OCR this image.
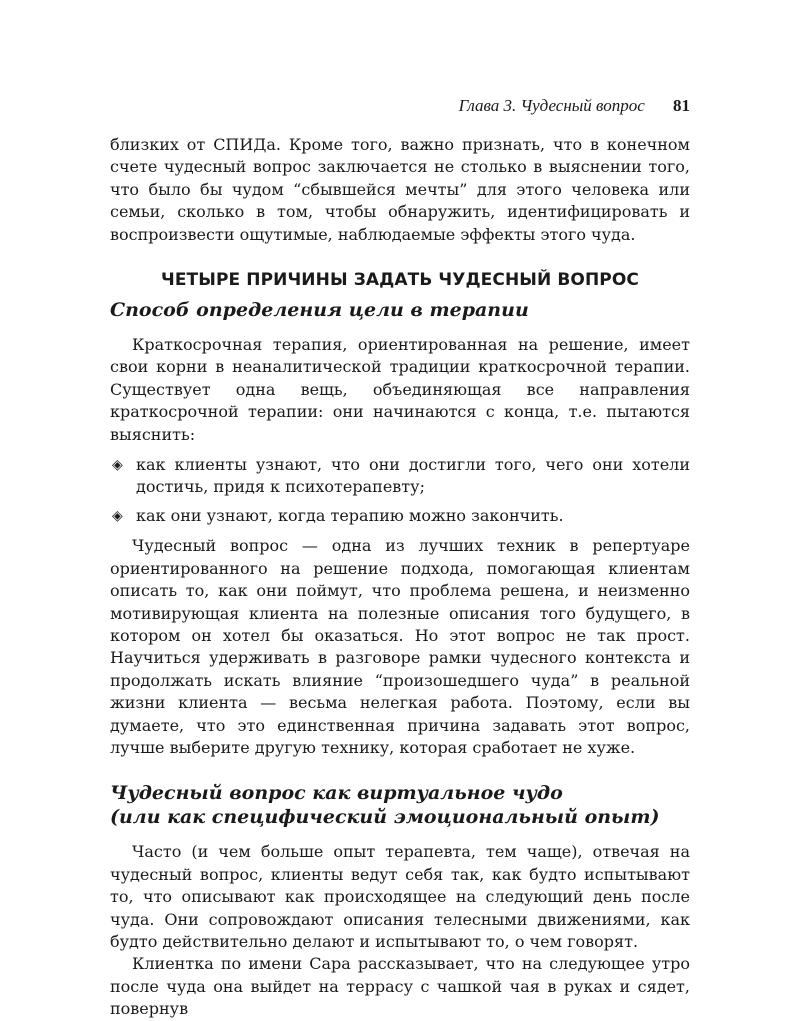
Глава 3. Чудесный вопрос 81

близких от СПИДа. Кроме того, важно признать, что в конечном счете чудесный вопрос заключается не столько в выяснении того, что было бы чудом “сбывшейся мечты” для этого человека или семьи, сколько в том, чтобы обнаружить, идентифицировать и воспроизвести ощутимые, наблюдаемые эффекты этого чуда.

ЧЕТЫРЕ ПРИЧИНЫ ЗАДАТЬ ЧУДЕСНЫЙ ВОПРОС
Способ определения цели в терапии

Краткосрочная терапия, ориентированная на решение, имеет свои корни в неаналитической традиции краткосрочной терапии. Существует одна вещь, объединяющая все направления краткосрочной терапии: они начинаются с конца, т.е. пытаются выяснить:

◈ как клиенты узнают, что они достигли того, чего они хотели достичь, придя к психотерапевту;
◈ как они узнают, когда терапию можно закончить.

Чудесный вопрос — одна из лучших техник в репертуаре ориентированного на решение подхода, помогающая клиентам описать то, как они поймут, что проблема решена, и неизменно мотивирующая клиента на полезные описания того будущего, в котором он хотел бы оказаться. Но этот вопрос не так прост. Научиться удерживать в разговоре рамки чудесного контекста и продолжать искать влияние “произошедшего чуда” в реальной жизни клиента — весьма нелегкая работа. Поэтому, если вы думаете, что это единственная причина задавать этот вопрос, лучше выберите другую технику, которая сработает не хуже.

Чудесный вопрос как виртуальное чудо
(или как специфический эмоциональный опыт)

Часто (и чем больше опыт терапевта, тем чаще), отвечая на чудесный вопрос, клиенты ведут себя так, как будто испытывают то, что описывают как происходящее на следующий день после чуда. Они сопровождают описания телесными движениями, как будто действительно делают и испытывают то, о чем говорят.

Клиентка по имени Сара рассказывает, что на следующее утро после чуда она выйдет на террасу с чашкой чая в руках и сядет, повернув
